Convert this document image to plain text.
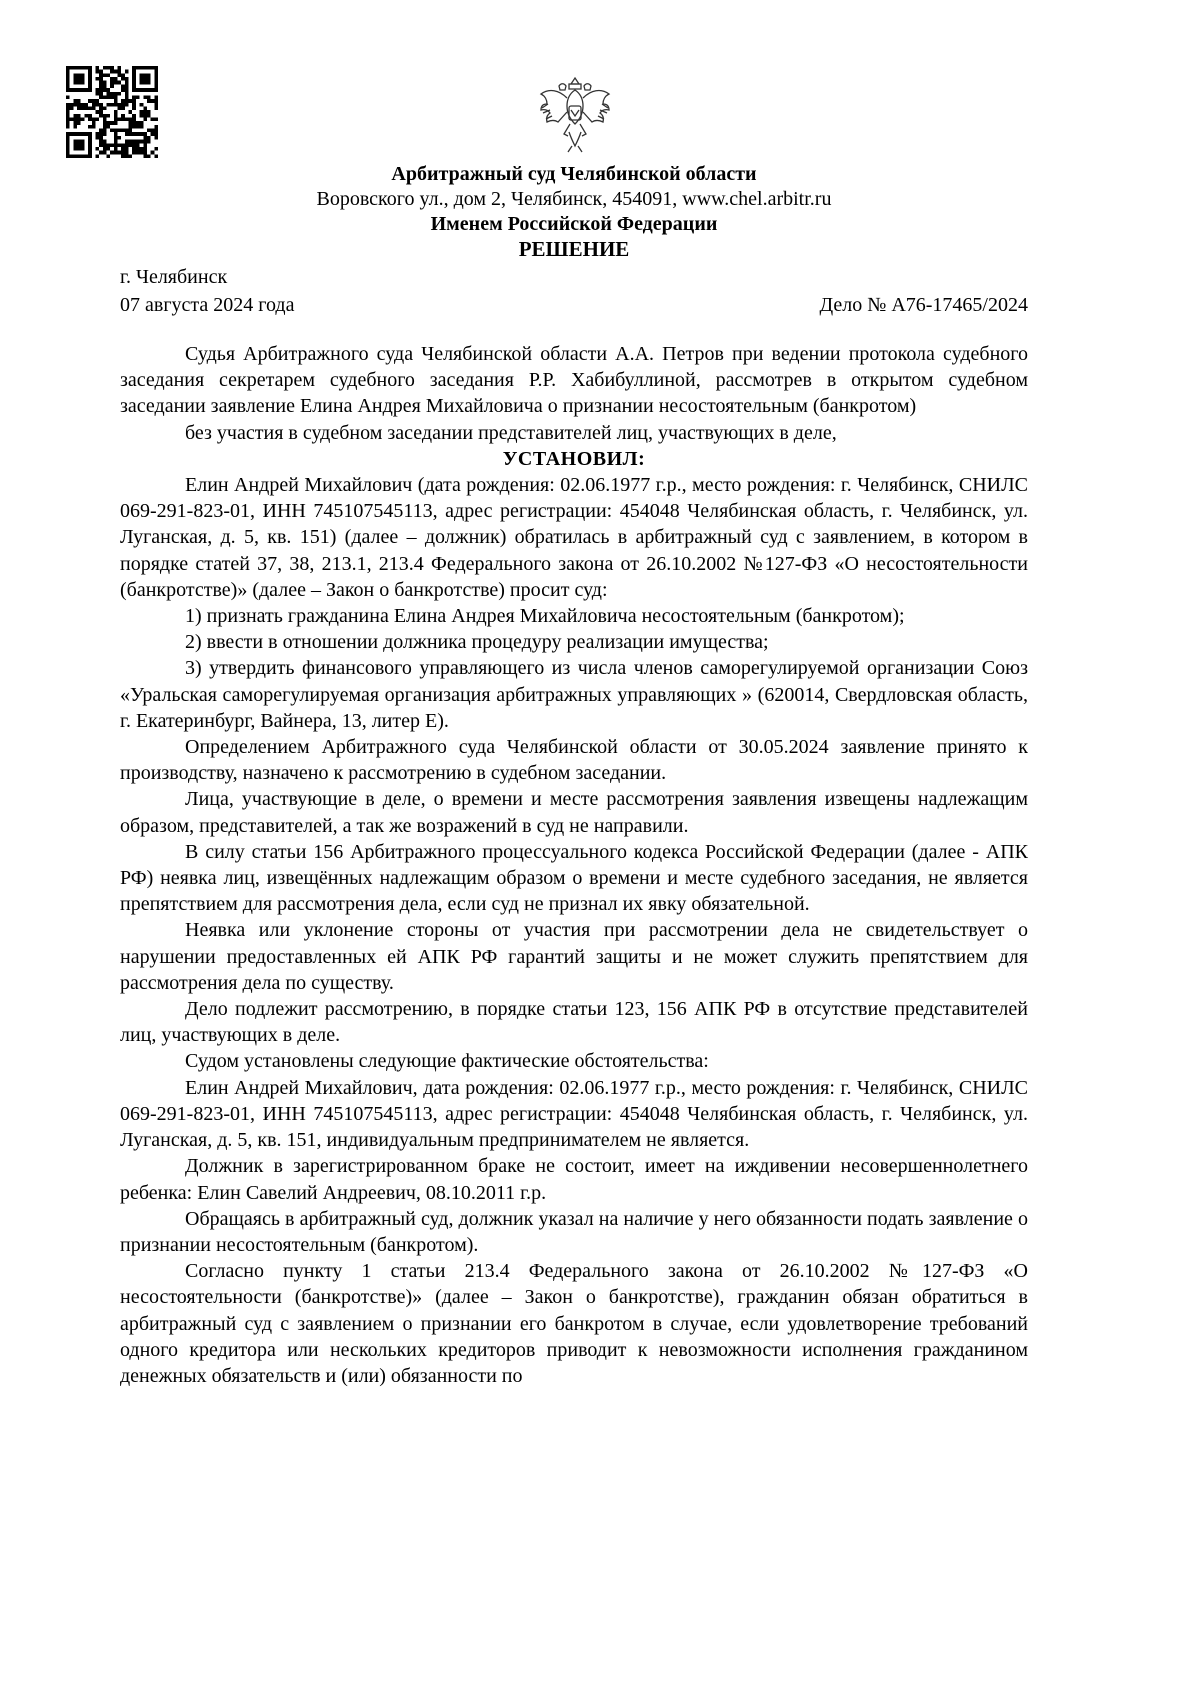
Арбитражный суд Челябинской области
Воровского ул., дом 2, Челябинск, 454091, www.chel.arbitr.ru
Именем Российской Федерации
РЕШЕНИЕ
г. Челябинск
07 августа 2024 года	Дело № А76-17465/2024

Судья Арбитражного суда Челябинской области А.А. Петров при ведении протокола судебного заседания секретарем судебного заседания Р.Р. Хабибуллиной, рассмотрев в открытом судебном заседании заявление Елина Андрея Михайловича о признании несостоятельным (банкротом)

без участия в судебном заседании представителей лиц, участвующих в деле,

УСТАНОВИЛ:

Елин Андрей Михайлович (дата рождения: 02.06.1977 г.р., место рождения: г. Челябинск, СНИЛС 069-291-823-01, ИНН 745107545113, адрес регистрации: 454048 Челябинская область, г. Челябинск, ул. Луганская, д. 5, кв. 151) (далее – должник) обратилась в арбитражный суд с заявлением, в котором в порядке статей 37, 38, 213.1, 213.4 Федерального закона от 26.10.2002 №127-ФЗ «О несостоятельности (банкротстве)» (далее – Закон о банкротстве) просит суд:

1) признать гражданина Елина Андрея Михайловича несостоятельным (банкротом);

2) ввести в отношении должника процедуру реализации имущества;

3) утвердить финансового управляющего из числа членов саморегулируемой организации Союз «Уральская саморегулируемая организация арбитражных управляющих » (620014, Свердловская область, г. Екатеринбург, Вайнера, 13, литер Е).

Определением Арбитражного суда Челябинской области от 30.05.2024 заявление принято к производству, назначено к рассмотрению в судебном заседании.

Лица, участвующие в деле, о времени и месте рассмотрения заявления извещены надлежащим образом, представителей, а так же возражений в суд не направили.

В силу статьи 156 Арбитражного процессуального кодекса Российской Федерации (далее - АПК РФ) неявка лиц, извещённых надлежащим образом о времени и месте судебного заседания, не является препятствием для рассмотрения дела, если суд не признал их явку обязательной.

Неявка или уклонение стороны от участия при рассмотрении дела не свидетельствует о нарушении предоставленных ей АПК РФ гарантий защиты и не может служить препятствием для рассмотрения дела по существу.

Дело подлежит рассмотрению, в порядке статьи 123, 156 АПК РФ в отсутствие представителей лиц, участвующих в деле.

Судом установлены следующие фактические обстоятельства:

Елин Андрей Михайлович, дата рождения: 02.06.1977 г.р., место рождения: г. Челябинск, СНИЛС 069-291-823-01, ИНН 745107545113, адрес регистрации: 454048 Челябинская область, г. Челябинск, ул. Луганская, д. 5, кв. 151, индивидуальным предпринимателем не является.

Должник в зарегистрированном браке не состоит, имеет на иждивении несовершеннолетнего ребенка: Елин Савелий Андреевич, 08.10.2011 г.р.

Обращаясь в арбитражный суд, должник указал на наличие у него обязанности подать заявление о признании несостоятельным (банкротом).

Согласно пункту 1 статьи 213.4 Федерального закона от 26.10.2002 №127-ФЗ «О несостоятельности (банкротстве)» (далее – Закон о банкротстве), гражданин обязан обратиться в арбитражный суд с заявлением о признании его банкротом в случае, если удовлетворение требований одного кредитора или нескольких кредиторов приводит к невозможности исполнения гражданином денежных обязательств и (или) обязанности по
